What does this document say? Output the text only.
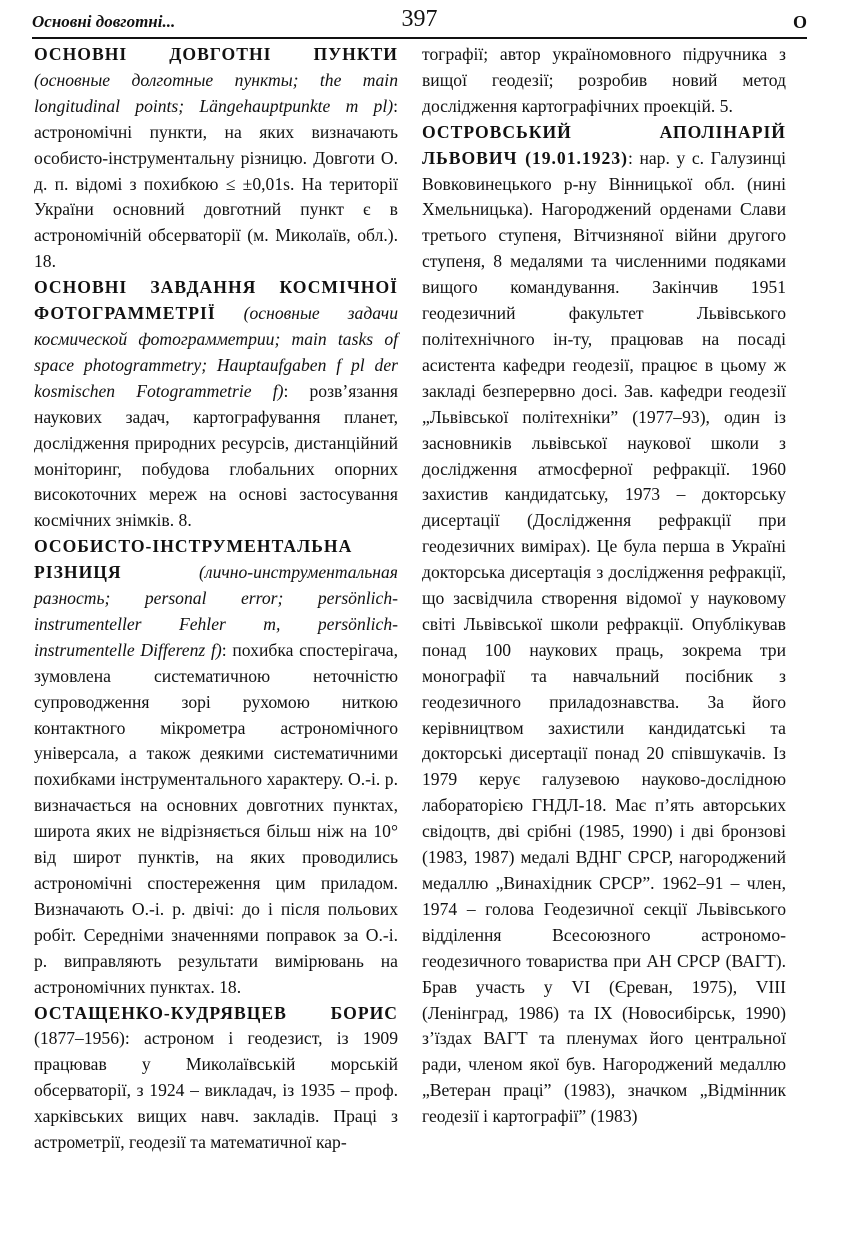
Основні довготні...	397	О

ОСНОВНІ ДОВГОТНІ ПУНКТИ (основные долготные пункты; the main longitudinal points; Längehauptpunkte m pl): астрономічні пункти, на яких визначають особисто-інструментальну різницю. Довготи О. д. п. відомі з похибкою ≤ ±0,01s. На території України основний довготний пункт є в астрономічній обсерваторії (м. Миколаїв, обл.). 18.

ОСНОВНІ ЗАВДАННЯ КОСМІЧНОЇ ФОТОГРАММЕТРІЇ (основные задачи космической фотограмметрии; main tasks of space photogrammetry; Hauptaufgaben f pl der kosmischen Fotogrammetrie f): розв’язання наукових задач, картографування планет, дослідження природних ресурсів, дистанційний моніторинг, побудова глобальних опорних високоточних мереж на основі застосування космічних знімків. 8.

ОСОБИСТО-ІНСТРУМЕНТАЛЬНА РІЗНИЦЯ	(лично-инструментальная разность; personal error; persönlich-instrumenteller Fehler m, persönlich-instrumentelle Differenz f): похибка спостерігача, зумовлена систематичною неточністю супроводження зорі рухомою ниткою контактного мікрометра астрономічного універсала, а також деякими систематичними похибками інструментального характеру. О.-і. р. визначається на основних довготних пунктах, широта яких не відрізняється більш ніж на 10° від широт пунктів, на яких проводились астрономічні спостереження цим приладом. Визначають О.-і. р. двічі: до і після польових робіт. Середніми значеннями поправок за О.-і. р. виправляють результати вимірювань на астрономічних пунктах. 18.

ОСТАЩЕНКО-КУДРЯВЦЕВ БОРИС (1877–1956): астроном і геодезист, із 1909 працював у Миколаївській морській обсерваторії, з 1924 – викладач, із 1935 – проф. харківських вищих навч. закладів. Праці з астрометрії, геодезії та математичної кар-

тографії; автор україномовного підручника з вищої геодезії; розробив новий метод дослідження картографічних проекцій. 5.

ОСТРОВСЬКИЙ АПОЛІНАРІЙ ЛЬВОВИЧ (19.01.1923): нар. у с. Галузинці Вовковинецького р-ну Вінницької обл. (нині Хмельницька). Нагороджений орденами Слави третього ступеня, Вітчизняної війни другого ступеня, 8 медалями та численними подяками вищого командування. Закінчив 1951 геодезичний факультет Львівського політехнічного ін-ту, працював на посаді асистента кафедри геодезії, працює в цьому ж закладі безперервно досі. Зав. кафедри геодезії „Львівської політехніки” (1977–93), один із засновників львівської наукової школи з дослідження атмосферної рефракції. 1960 захистив кандидатську, 1973 – докторську дисертації (Дослідження рефракції при геодезичних вимірах). Це була перша в Україні докторська дисертація з дослідження рефракції, що засвідчила створення відомої у науковому світі Львівської школи рефракції. Опублікував понад 100 наукових праць, зокрема три монографії та навчальний посібник з геодезичного приладознавства. За його керівництвом захистили кандидатські та докторські дисертації понад 20 співшукачів. Із 1979 керує галузевою науково-дослідною лабораторією ГНДЛ-18. Має п’ять авторських свідоцтв, дві срібні (1985, 1990) і дві бронзові (1983, 1987) медалі ВДНГ СРСР, нагороджений медаллю „Винахідник СРСР”. 1962–91 – член, 1974 – голова Геодезичної секції Львівського відділення Всесоюзного астрономо-геодезичного товариства при АН СРСР (ВАГТ). Брав участь у VI (Єреван, 1975), VIII (Ленінград, 1986) та IX (Новосибірськ, 1990) з’їздах ВАГТ та пленумах його центральної ради, членом якої був. Нагороджений медаллю „Ветеран праці” (1983), значком „Відмінник геодезії і картографії” (1983)
